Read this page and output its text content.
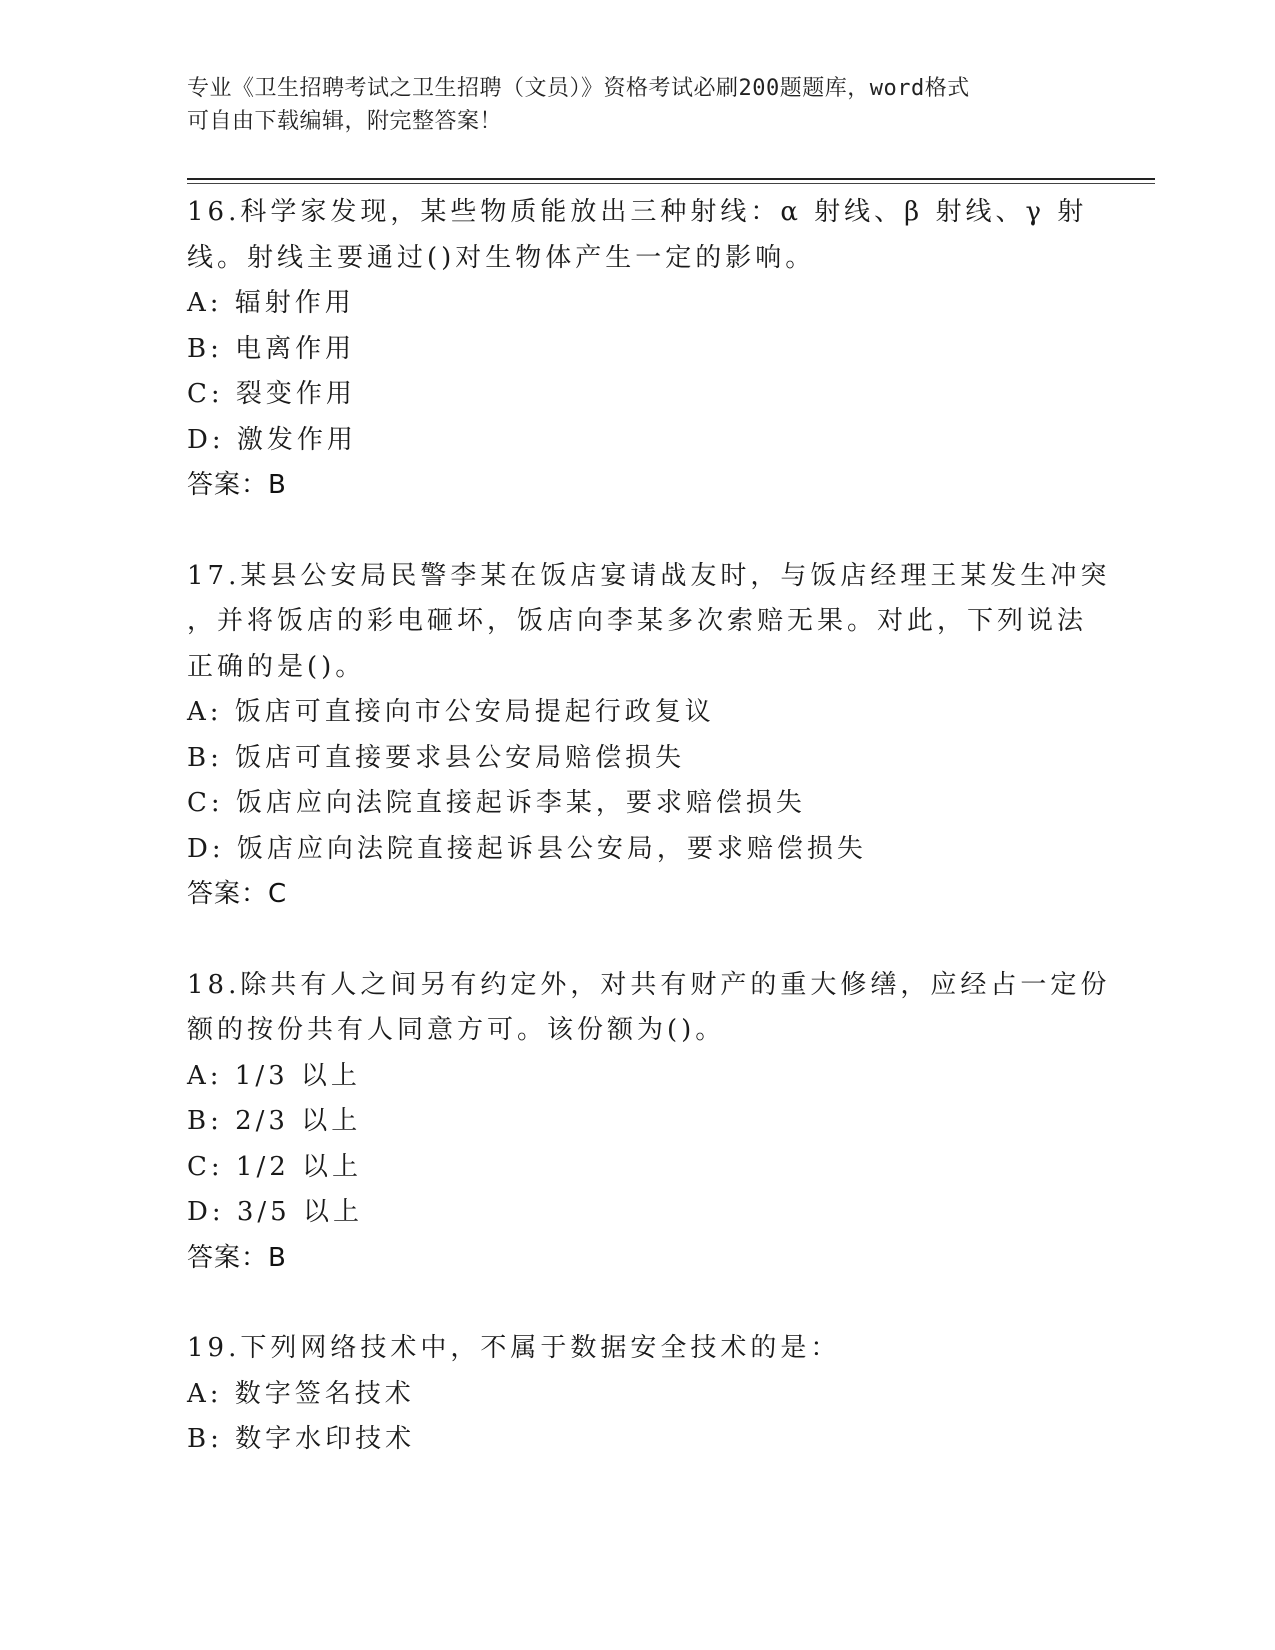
专业《卫生招聘考试之卫生招聘（文员）》资格考试必刷200题题库，word格式
可自由下载编辑，附完整答案！
16.科学家发现，某些物质能放出三种射线：α 射线、β 射线、γ 射
线。射线主要通过()对生物体产生一定的影响。
A: 辐射作用
B: 电离作用
C: 裂变作用
D: 激发作用
答案：B
17.某县公安局民警李某在饭店宴请战友时，与饭店经理王某发生冲突
，并将饭店的彩电砸坏，饭店向李某多次索赔无果。对此，下列说法
正确的是()。
A: 饭店可直接向市公安局提起行政复议
B: 饭店可直接要求县公安局赔偿损失
C: 饭店应向法院直接起诉李某，要求赔偿损失
D: 饭店应向法院直接起诉县公安局，要求赔偿损失
答案：C
18.除共有人之间另有约定外，对共有财产的重大修缮，应经占一定份
额的按份共有人同意方可。该份额为()。
A: 1/3 以上
B: 2/3 以上
C: 1/2 以上
D: 3/5 以上
答案：B
19.下列网络技术中，不属于数据安全技术的是：
A: 数字签名技术
B: 数字水印技术
